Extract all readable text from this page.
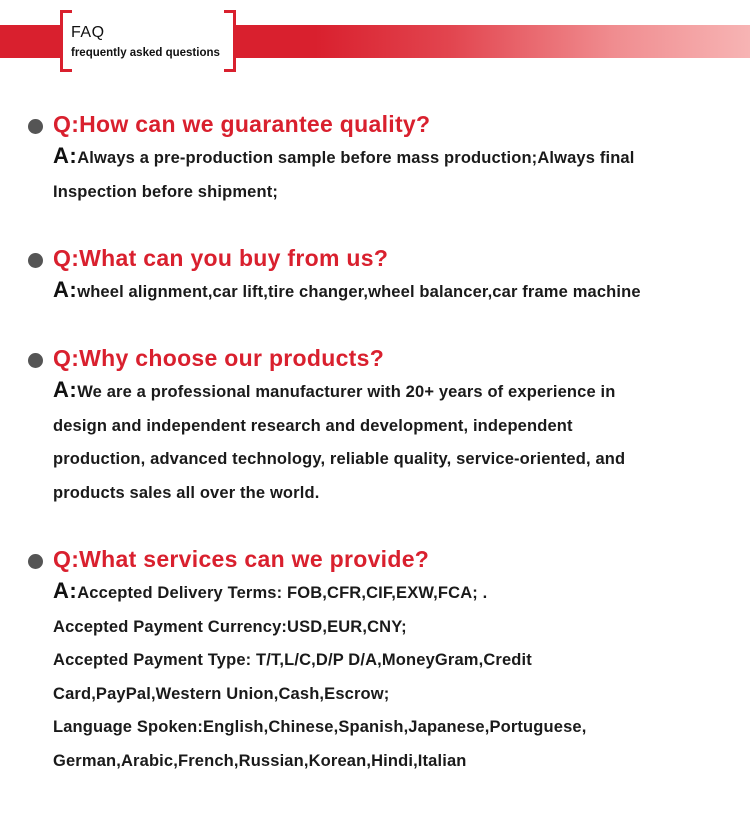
FAQ
frequently asked questions
Q:How can we guarantee quality?

A:Always a pre-production sample before mass production;Always final
Inspection before shipment;

Q:What can you buy from us?

A:wheel alignment,car lift,tire changer,wheel balancer,car frame machine

Q:Why choose our products?

A:We are a professional manufacturer with 20+ years of experience in
design and independent research and development, independent
production, advanced technology, reliable quality, service-oriented, and
products sales all over the world.

Q:What services can we provide?

A:Accepted Delivery Terms: FOB,CFR,CIF,EXW,FCA; .
Accepted Payment Currency:USD,EUR,CNY;
Accepted Payment Type: T/T,L/C,D/P D/A,MoneyGram,Credit
Card,PayPal,Western Union,Cash,Escrow;
Language Spoken:English,Chinese,Spanish,Japanese,Portuguese,
German,Arabic,French,Russian,Korean,Hindi,Italian
